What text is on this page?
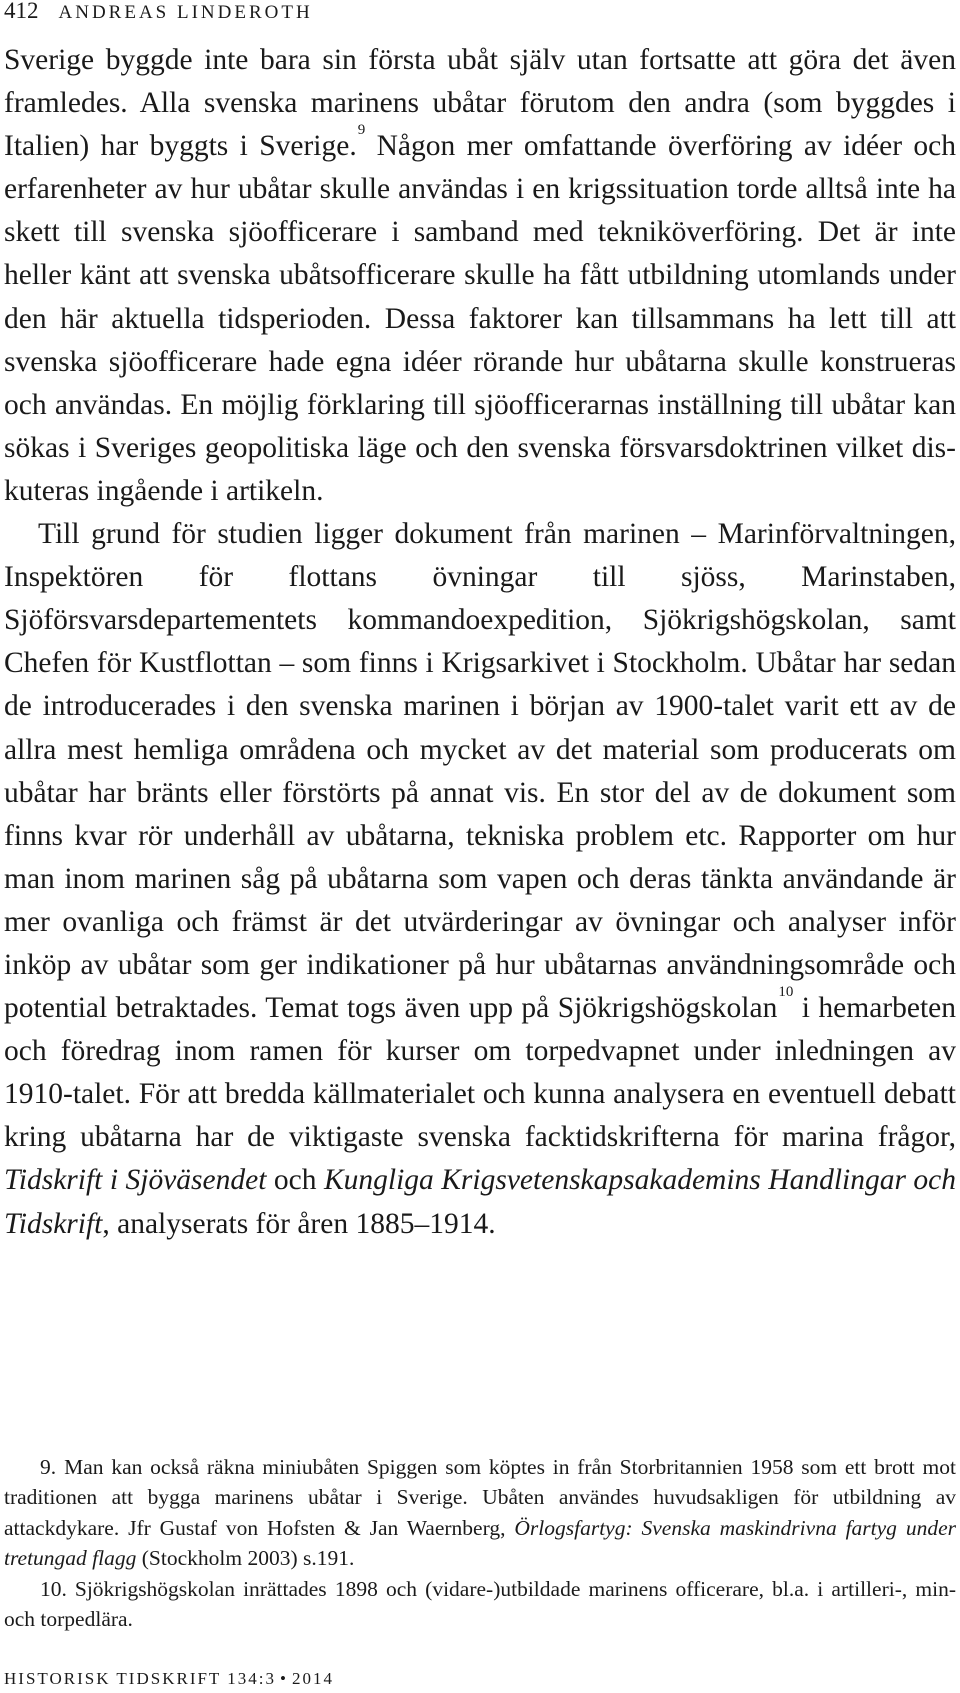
412 ANDREAS LINDEROTH

Sverige byggde inte bara sin första ubåt själv utan fortsatte att göra det även framledes. Alla svenska marinens ubåtar förutom den andra (som byggdes i Italien) har byggts i Sverige.$^9$ Någon mer omfattande överföring av idéer och erfarenheter av hur ubåtar skulle användas i en krigssituation torde alltså inte ha skett till svenska sjöofficerare i samband med tekniköverföring. Det är inte heller känt att svenska ubåtsofficerare skulle ha fått utbildning utomlands under den här aktuella tidsperioden. Dessa faktorer kan tillsammans ha lett till att svenska sjöofficerare hade egna idéer rörande hur ubåtarna skulle konstrueras och användas. En möjlig förklaring till sjöofficerarnas inställning till ubåtar kan sökas i Sveriges geopolitiska läge och den svenska försvarsdoktrinen vilket diskuteras ingående i artikeln.

Till grund för studien ligger dokument från marinen – Marinförvaltningen, Inspektören för flottans övningar till sjöss, Marinstaben, Sjöförsvarsdepartementets kommandoexpedition, Sjökrigshögskolan, samt Chefen för Kustflottan – som finns i Krigsarkivet i Stockholm. Ubåtar har sedan de introducerades i den svenska marinen i början av 1900-talet varit ett av de allra mest hemliga områdena och mycket av det material som producerats om ubåtar har bränts eller förstörts på annat vis. En stor del av de dokument som finns kvar rör underhåll av ubåtarna, tekniska problem etc. Rapporter om hur man inom marinen såg på ubåtarna som vapen och deras tänkta användande är mer ovanliga och främst är det utvärderingar av övningar och analyser inför inköp av ubåtar som ger indikationer på hur ubåtarnas användningsområde och potential betraktades. Temat togs även upp på Sjökrigshögskolan$^{10}$ i hemarbeten och föredrag inom ramen för kurser om torpedvapnet under inledningen av 1910-talet. För att bredda källmaterialet och kunna analysera en eventuell debatt kring ubåtarna har de viktigaste svenska facktidskrifterna för marina frågor, Tidskrift i Sjöväsendet och Kungliga Krigsvetenskapsakademins Handlingar och Tidskrift, analyserats för åren 1885–1914.

9. Man kan också räkna miniubåten Spiggen som köptes in från Storbritannien 1958 som ett brott mot traditionen att bygga marinens ubåtar i Sverige. Ubåten användes huvudsakligen för utbildning av attackdykare. Jfr Gustaf von Hofsten & Jan Waernberg, Örlogsfartyg: Svenska maskindrivna fartyg under tretungad flagg (Stockholm 2003) s.191.

10. Sjökrigshögskolan inrättades 1898 och (vidare-)utbildade marinens officerare, bl.a. i artilleri-, min- och torpedlära.

HISTORISK TIDSKRIFT 134:3 • 2014
